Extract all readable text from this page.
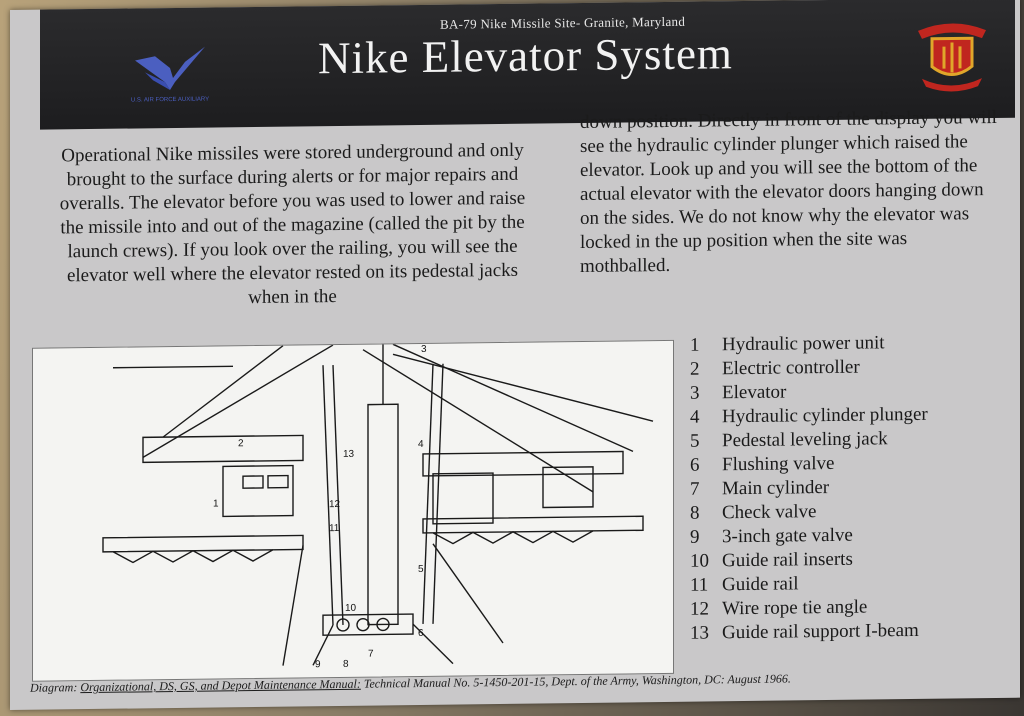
BA-79 Nike Missile Site- Granite, Maryland
Nike Elevator System
U.S. AIR FORCE AUXILIARY
Operational Nike missiles were stored underground and only brought to the surface during alerts or for major repairs and overalls. The elevator before you was used to lower and raise the missile into and out of the magazine (called the pit by the launch crews). If you look over the railing, you will see the elevator well where the elevator rested on its pedestal jacks when in the
down position. Directly in front of the display you will see the hydraulic cylinder plunger which raised the elevator. Look up and you will see the bottom of the actual elevator with the elevator doors hanging down on the sides. We do not know why the elevator was locked in the up position when the site was mothballed.
1
2
3
4
5
6
7
8
9
10
11
12
13
1	Hydraulic power unit
2	Electric controller
3	Elevator
4	Hydraulic cylinder plunger
5	Pedestal leveling jack
6	Flushing valve
7	Main cylinder
8	Check valve
9	3-inch gate valve
10 Guide rail inserts
11 Guide rail
12 Wire rope tie angle
13 Guide rail support I-beam
Diagram: Organizational, DS, GS, and Depot Maintenance Manual: Technical Manual No. 5-1450-201-15, Dept. of the Army, Washington, DC: August 1966.
